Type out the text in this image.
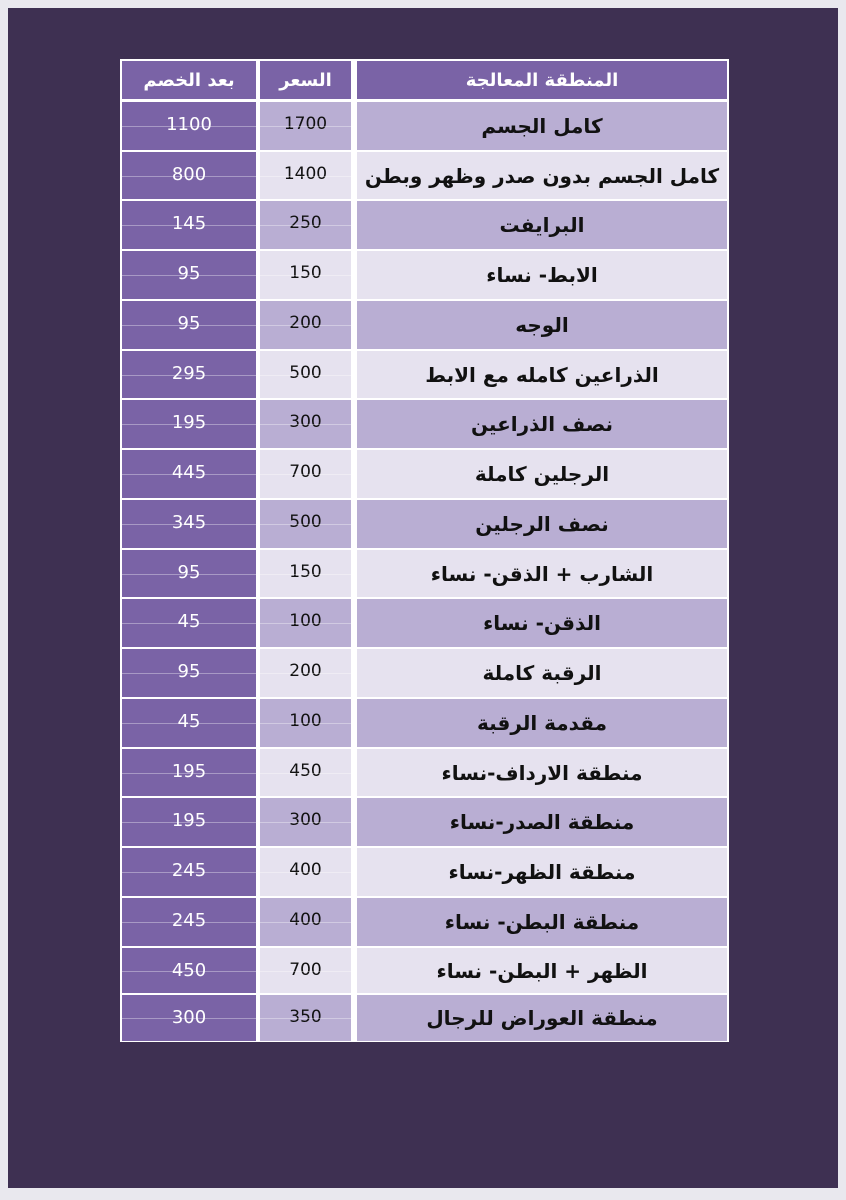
بعد الخصم	السعر	المنطقة المعالجة
1100	1700	كامل الجسم
800	1400	كامل الجسم بدون صدر وظهر وبطن
145	250	البرايفت
95	150	الابط- نساء
95	200	الوجه
295	500	الذراعين كامله مع الابط
195	300	نصف الذراعين
445	700	الرجلين كاملة
345	500	نصف الرجلين
95	150	الشارب + الذقن- نساء
45	100	الذقن- نساء
95	200	الرقبة كاملة
45	100	مقدمة الرقبة
195	450	منطقة الارداف-نساء
195	300	منطقة الصدر-نساء
245	400	منطقة الظهر-نساء
245	400	منطقة البطن- نساء
450	700	الظهر + البطن- نساء
300	350	منطقة العوراض للرجال
